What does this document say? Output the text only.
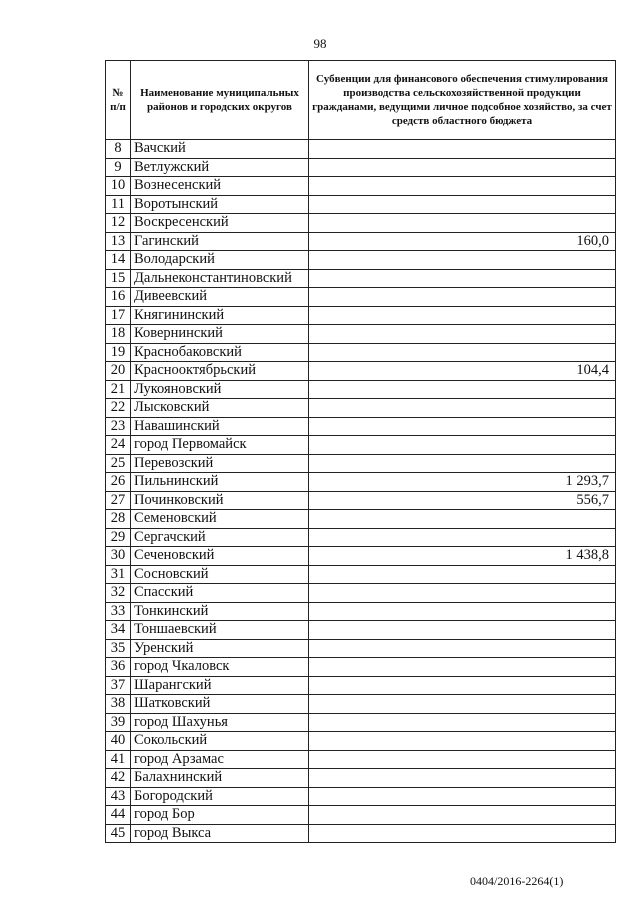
98
№ п/п	Наименование муниципальных районов и городских округов	Субвенции для финансового обеспечения стимулирования производства сельскохозяйственной продукции гражданами, ведущими личное подсобное хозяйство, за счет средств областного бюджета
8	Вачский	
9	Ветлужский	
10	Вознесенский	
11	Воротынский	
12	Воскресенский	
13	Гагинский	160,0
14	Володарский	
15	Дальнеконстантиновский	
16	Дивеевский	
17	Княгининский	
18	Ковернинский	
19	Краснобаковский	
20	Краснооктябрьский	104,4
21	Лукояновский	
22	Лысковский	
23	Навашинский	
24	город Первомайск	
25	Перевозский	
26	Пильнинский	1 293,7
27	Починковский	556,7
28	Семеновский	
29	Сергачский	
30	Сеченовский	1 438,8
31	Сосновский	
32	Спасский	
33	Тонкинский	
34	Тоншаевский	
35	Уренский	
36	город Чкаловск	
37	Шарангский	
38	Шатковский	
39	город Шахунья	
40	Сокольский	
41	город Арзамас	
42	Балахнинский	
43	Богородский	
44	город Бор	
45	город Выкса	
0404/2016-2264(1)
